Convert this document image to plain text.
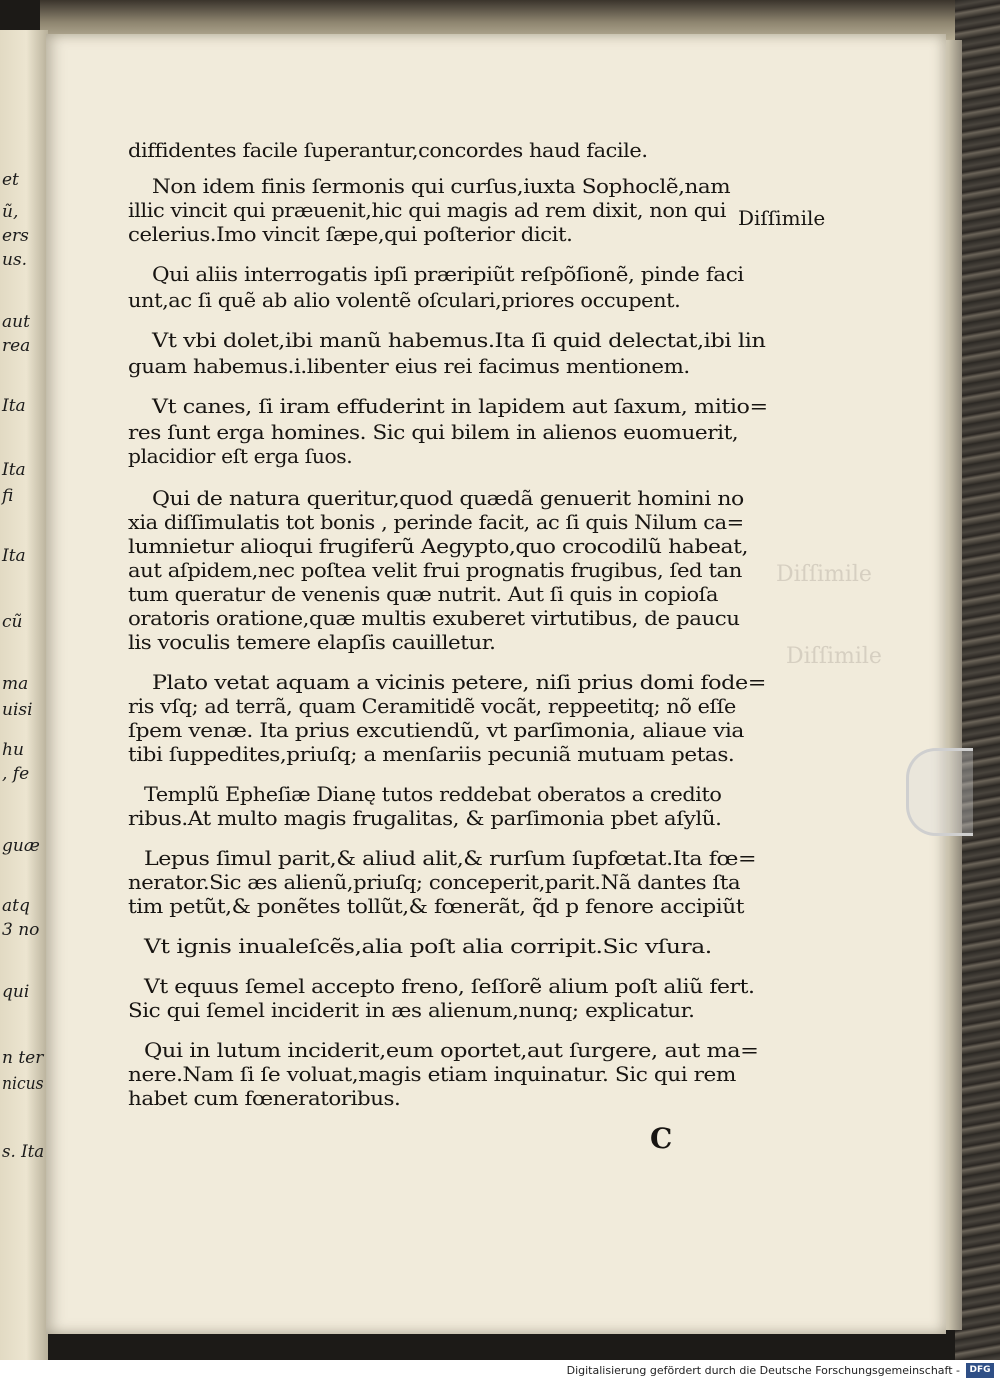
et
ũ,
ers
us.
aut
rea
Ita
Ita
fi
Ita
cũ
ma
uisi
hu
, fe
guæ
atq
3 no
qui
n ter
nicus
s. Ita
diffidentes facile ſuperantur,concordes haud facile.
Non idem finis ſermonis qui curſus,iuxta Sophoclẽ,nam
illic vincit qui præuenit,hic qui magis ad rem dixit, non qui
celerius.Imo vincit ſæpe,qui poſterior dicit.
Qui aliis interrogatis ipſi præripiũt reſpõſionẽ, pinde faci
unt,ac ſi quẽ ab alio volentẽ oſculari,priores occupent.
Vt vbi dolet,ibi manũ habemus.Ita ſi quid delectat,ibi lin
guam habemus.i.libenter eius rei facimus mentionem.
Vt canes, ſi iram effuderint in lapidem aut ſaxum, mitio=
res ſunt erga homines. Sic qui bilem in alienos euomuerit,
placidior eſt erga ſuos.
Qui de natura queritur,quod quædã genuerit homini no
xia diſſimulatis tot bonis , perinde facit, ac ſi quis Nilum ca=
lumnietur alioqui frugiferũ Aegypto,quo crocodilũ habeat,
aut aſpidem,nec poſtea velit frui prognatis frugibus, ſed tan
tum queratur de venenis quæ nutrit. Aut ſi quis in copioſa
oratoris oratione,quæ multis exuberet virtutibus, de paucu
lis voculis temere elapſis cauilletur.
Plato vetat aquam a vicinis petere, niſi prius domi fode=
ris vſq; ad terrã, quam Ceramitidẽ vocãt, reppeetitq; nõ eſſe
ſpem venæ. Ita prius excutiendũ, vt parſimonia, aliaue via
tibi ſuppedites,priuſq; a menſariis pecuniã mutuam petas.
Templũ Epheſiæ Dianę tutos reddebat oberatos a credito
ribus.At multo magis frugalitas, & parſimonia pbet aſylũ.
Lepus ſimul parit,& aliud alit,& rurſum ſupfœtat.Ita fœ=
nerator.Sic æs alienũ,priuſq; conceperit,parit.Nã dantes ſta
tim petũt,& ponẽtes tollũt,& fœnerãt, q̃d p fenore accipiũt
Vt ignis inualeſcẽs,alia poſt alia corripit.Sic vſura.
Vt equus ſemel accepto freno, ſeſſorẽ alium poſt aliũ fert.
Sic qui ſemel inciderit in æs alienum,nunq; explicatur.
Qui in lutum inciderit,eum oportet,aut ſurgere, aut ma=
nere.Nam ſi ſe voluat,magis etiam inquinatur. Sic qui rem
habet cum fœneratoribus.
Diſſimile
Diſſimile
Diſſimile
C
Digitalisierung gefördert durch die Deutsche Forschungsgemeinschaft -	DFG
